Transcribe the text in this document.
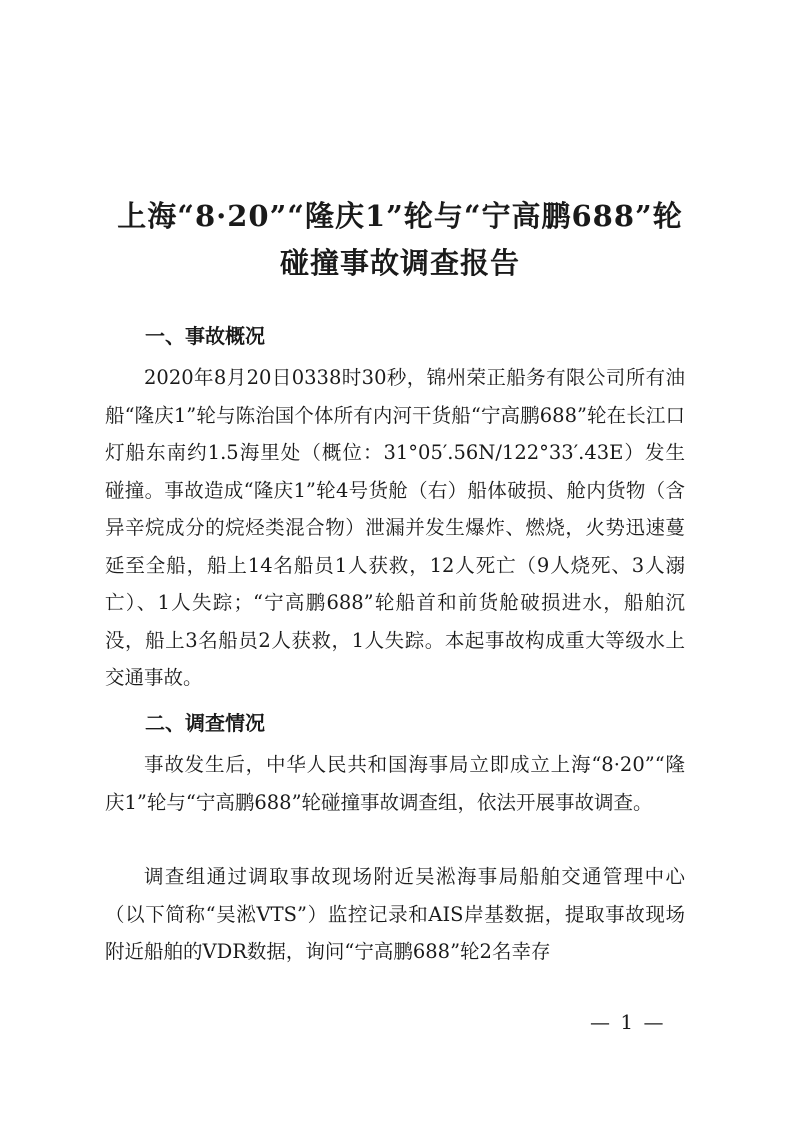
上海“8·20”“隆庆1”轮与“宁高鹏688”轮
碰撞事故调查报告
一、事故概况

2020年8月20日0338时30秒，锦州荣正船务有限公司所有油船“隆庆1”轮与陈治国个体所有内河干货船“宁高鹏688”轮在长江口灯船东南约1.5海里处（概位：31°05′.56N/122°33′.43E）发生碰撞。事故造成“隆庆1”轮4号货舱（右）船体破损、舱内货物（含异辛烷成分的烷烃类混合物）泄漏并发生爆炸、燃烧，火势迅速蔓延至全船，船上14名船员1人获救，12人死亡（9人烧死、3人溺亡）、1人失踪；“宁高鹏688”轮船首和前货舱破损进水，船舶沉没，船上3名船员2人获救，1人失踪。本起事故构成重大等级水上交通事故。

二、调查情况

事故发生后，中华人民共和国海事局立即成立上海“8·20”“隆庆1”轮与“宁高鹏688”轮碰撞事故调查组，依法开展事故调查。

调查组通过调取事故现场附近吴淞海事局船舶交通管理中心（以下简称“吴淞VTS”）监控记录和AIS岸基数据，提取事故现场附近船舶的VDR数据，询问“宁高鹏688”轮2名幸存

— 1 —
